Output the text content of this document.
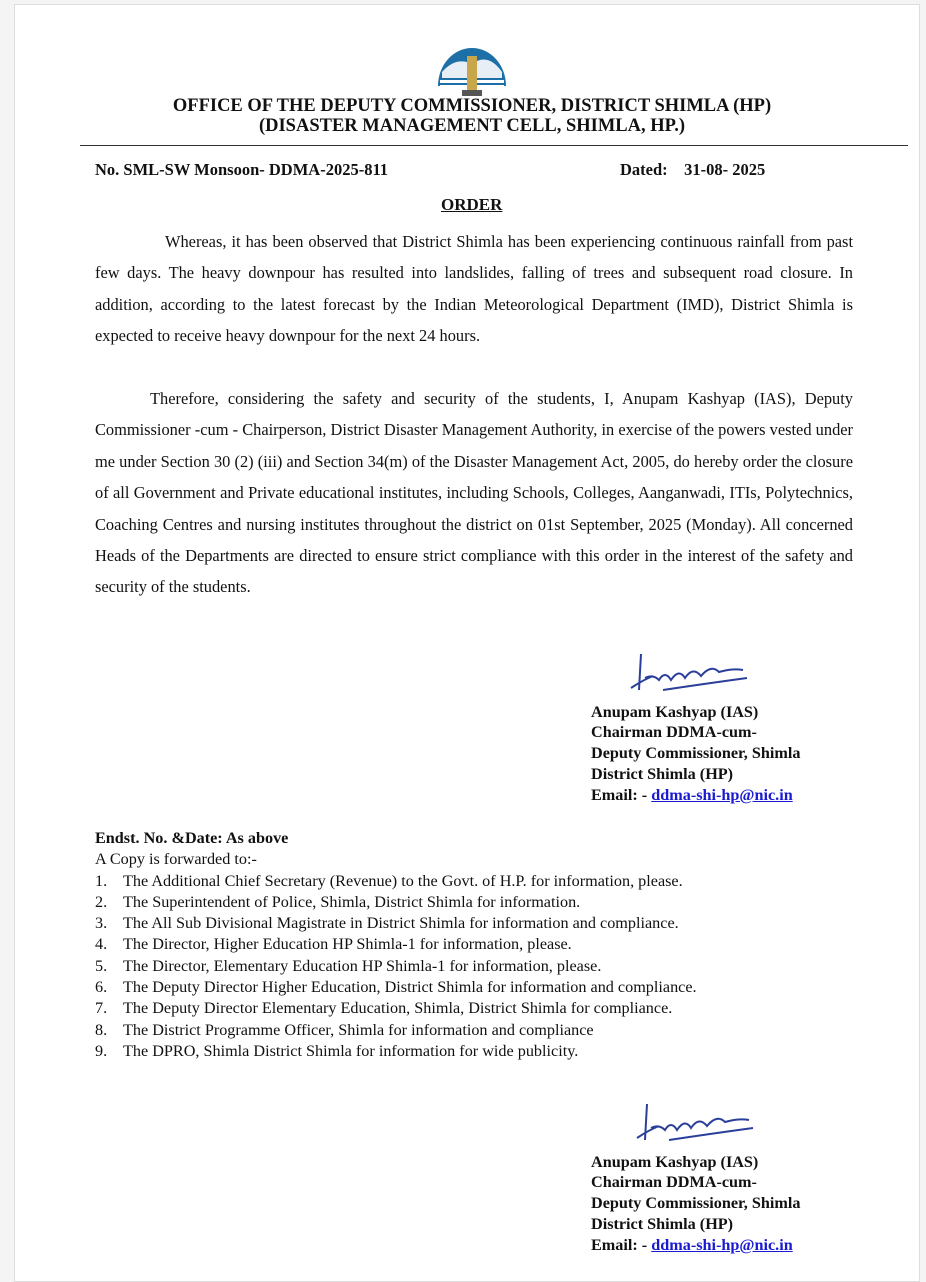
OFFICE OF THE DEPUTY COMMISSIONER, DISTRICT SHIMLA (HP)
(DISASTER MANAGEMENT CELL, SHIMLA, HP.)
No. SML-SW Monsoon- DDMA-2025-811	Dated: 31-08- 2025
ORDER
Whereas, it has been observed that District Shimla has been experiencing continuous rainfall from past few days. The heavy downpour has resulted into landslides, falling of trees and subsequent road closure. In addition, according to the latest forecast by the Indian Meteorological Department (IMD), District Shimla is expected to receive heavy downpour for the next 24 hours.
Therefore, considering the safety and security of the students, I, Anupam Kashyap (IAS), Deputy Commissioner -cum - Chairperson, District Disaster Management Authority, in exercise of the powers vested under me under Section 30 (2) (iii) and Section 34(m) of the Disaster Management Act, 2005, do hereby order the closure of all Government and Private educational institutes, including Schools, Colleges, Aanganwadi, ITIs, Polytechnics, Coaching Centres and nursing institutes throughout the district on 01st September, 2025 (Monday). All concerned Heads of the Departments are directed to ensure strict compliance with this order in the interest of the safety and security of the students.
Anupam Kashyap (IAS)
Chairman DDMA-cum-
Deputy Commissioner, Shimla
District Shimla (HP)
Email: - ddma-shi-hp@nic.in
Endst. No. &Date: As above
A Copy is forwarded to:-
1. The Additional Chief Secretary (Revenue) to the Govt. of H.P. for information, please.
2. The Superintendent of Police, Shimla, District Shimla for information.
3. The All Sub Divisional Magistrate in District Shimla for information and compliance.
4. The Director, Higher Education HP Shimla-1 for information, please.
5. The Director, Elementary Education HP Shimla-1 for information, please.
6. The Deputy Director Higher Education, District Shimla for information and compliance.
7. The Deputy Director Elementary Education, Shimla, District Shimla for compliance.
8. The District Programme Officer, Shimla for information and compliance
9. The DPRO, Shimla District Shimla for information for wide publicity.
Anupam Kashyap (IAS)
Chairman DDMA-cum-
Deputy Commissioner, Shimla
District Shimla (HP)
Email: - ddma-shi-hp@nic.in
